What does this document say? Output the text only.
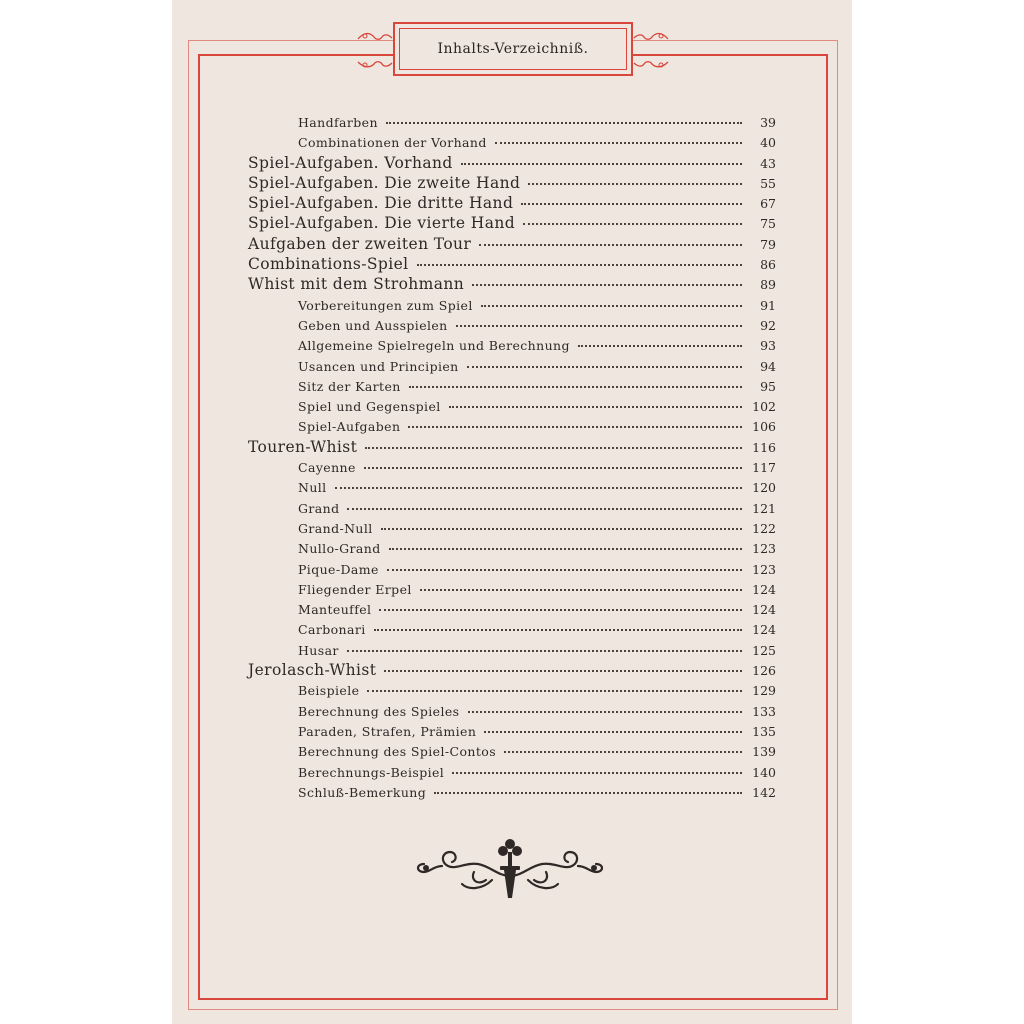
Inhalts-Verzeichniß.
Handfarben	39
Combinationen der Vorhand	40
Spiel-Aufgaben. Vorhand	43
Spiel-Aufgaben. Die zweite Hand	55
Spiel-Aufgaben. Die dritte Hand	67
Spiel-Aufgaben. Die vierte Hand	75
Aufgaben der zweiten Tour	79
Combinations-Spiel	86
Whist mit dem Strohmann	89
Vorbereitungen zum Spiel	91
Geben und Ausspielen	92
Allgemeine Spielregeln und Berechnung	93
Usancen und Principien	94
Sitz der Karten	95
Spiel und Gegenspiel	102
Spiel-Aufgaben	106
Touren-Whist	116
Cayenne	117
Null	120
Grand	121
Grand-Null	122
Nullo-Grand	123
Pique-Dame	123
Fliegender Erpel	124
Manteuffel	124
Carbonari	124
Husar	125
Jerolasch-Whist	126
Beispiele	129
Berechnung des Spieles	133
Paraden, Strafen, Prämien	135
Berechnung des Spiel-Contos	139
Berechnungs-Beispiel	140
Schluß-Bemerkung	142
